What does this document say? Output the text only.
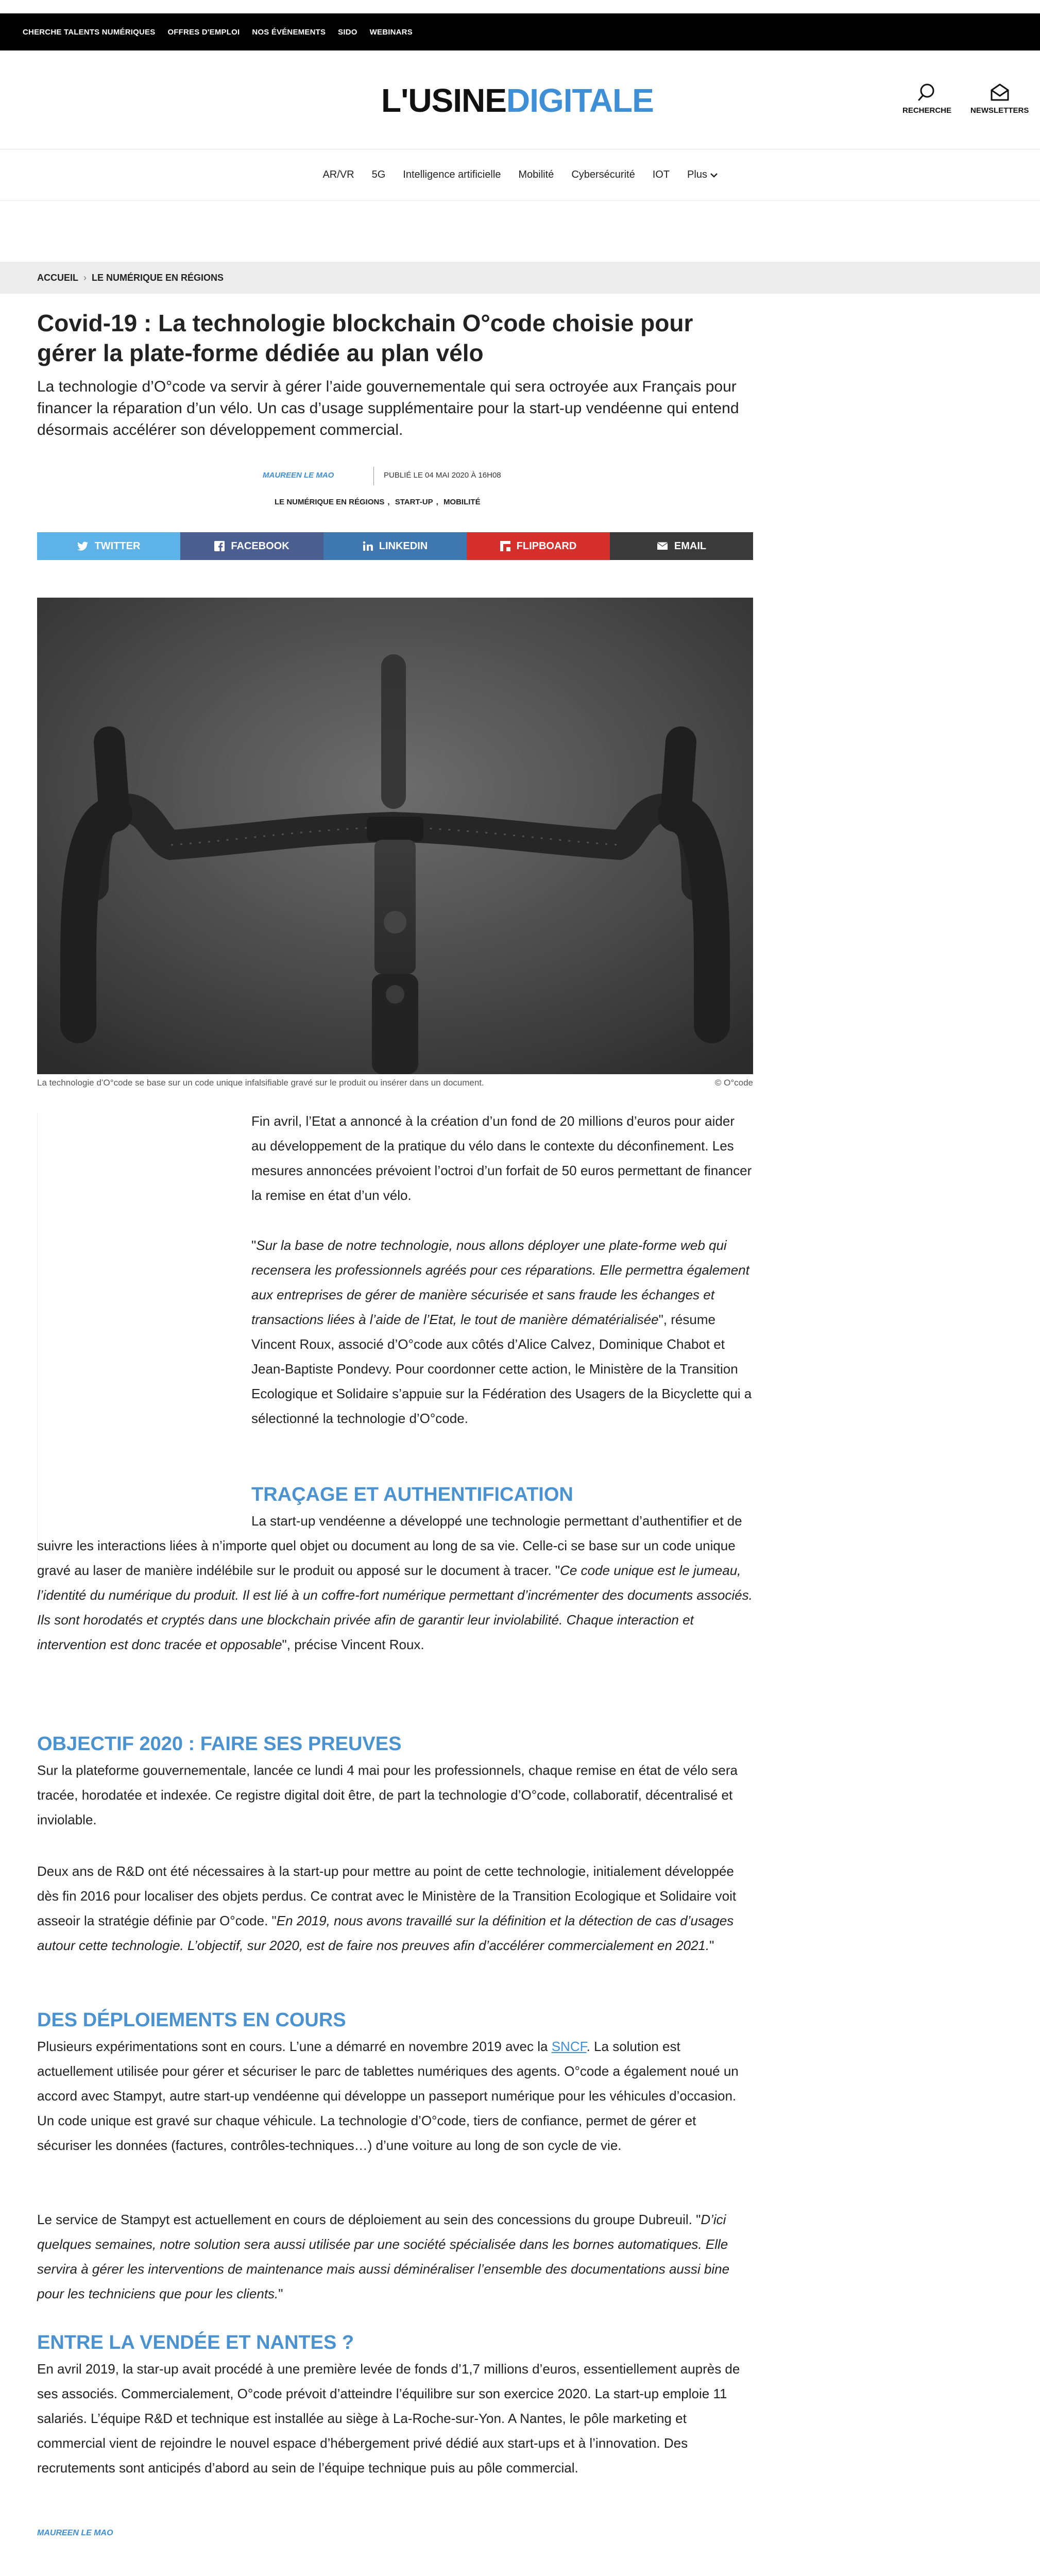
CHERCHE TALENTS NUMÉRIQUES OFFRES D'EMPLOI NOS ÉVÉNEMENTS SIDO WEBINARS
L'USINEDIGITALE	RECHERCHE NEWSLETTERS
AR/VR 5G Intelligence artificielle Mobilité Cybersécurité IOT Plus
ACCUEIL › LE NUMÉRIQUE EN RÉGIONS
Covid-19 : La technologie blockchain O°code choisie pour gérer la plate-forme dédiée au plan vélo

La technologie d’O°code va servir à gérer l’aide gouvernementale qui sera octroyée aux Français pour financer la réparation d’un vélo. Un cas d’usage supplémentaire pour la start-up vendéenne qui entend désormais accélérer son développement commercial.

MAUREEN LE MAO	PUBLIÉ LE 04 MAI 2020 À 16H08
LE NUMÉRIQUE EN RÉGIONS , START-UP , MOBILITÉ
TWITTER	FACEBOOK	LINKEDIN	FLIPBOARD	EMAIL
La technologie d’O°code se base sur un code unique infalsifiable gravé sur le produit ou insérer dans un document.	© O°code

Fin avril, l’Etat a annoncé à la création d’un fond de 20 millions d’euros pour aider au développement de la pratique du vélo dans le contexte du déconfinement. Les mesures annoncées prévoient l’octroi d’un forfait de 50 euros permettant de financer la remise en état d’un vélo.

"Sur la base de notre technologie, nous allons déployer une plate-forme web qui recensera les professionnels agréés pour ces réparations. Elle permettra également aux entreprises de gérer de manière sécurisée et sans fraude les échanges et transactions liées à l’aide de l’Etat, le tout de manière dématérialisée", résume Vincent Roux, associé d’O°code aux côtés d’Alice Calvez, Dominique Chabot et Jean-Baptiste Pondevy. Pour coordonner cette action, le Ministère de la Transition Ecologique et Solidaire s’appuie sur la Fédération des Usagers de la Bicyclette qui a sélectionné la technologie d’O°code.

TRAÇAGE ET AUTHENTIFICATION

La start-up vendéenne a développé une technologie permettant d’authentifier et de suivre les interactions liées à n’importe quel objet ou document au long de sa vie. Celle-ci se base sur un code unique gravé au laser de manière indélébile sur le produit ou apposé sur le document à tracer. "Ce code unique est le jumeau, l’identité du numérique du produit. Il est lié à un coffre-fort numérique permettant d’incrémenter des documents associés. Ils sont horodatés et cryptés dans une blockchain privée afin de garantir leur inviolabilité. Chaque interaction et intervention est donc tracée et opposable", précise Vincent Roux.

OBJECTIF 2020 : FAIRE SES PREUVES

Sur la plateforme gouvernementale, lancée ce lundi 4 mai pour les professionnels, chaque remise en état de vélo sera tracée, horodatée et indexée. Ce registre digital doit être, de part la technologie d’O°code, collaboratif, décentralisé et inviolable.

Deux ans de R&D ont été nécessaires à la start-up pour mettre au point de cette technologie, initialement développée dès fin 2016 pour localiser des objets perdus. Ce contrat avec le Ministère de la Transition Ecologique et Solidaire voit asseoir la stratégie définie par O°code. "En 2019, nous avons travaillé sur la définition et la détection de cas d’usages autour cette technologie. L’objectif, sur 2020, est de faire nos preuves afin d’accélérer commercialement en 2021."

DES DÉPLOIEMENTS EN COURS

Plusieurs expérimentations sont en cours. L’une a démarré en novembre 2019 avec la SNCF. La solution est actuellement utilisée pour gérer et sécuriser le parc de tablettes numériques des agents. O°code a également noué un accord avec Stampyt, autre start-up vendéenne qui développe un passeport numérique pour les véhicules d’occasion. Un code unique est gravé sur chaque véhicule. La technologie d’O°code, tiers de confiance, permet de gérer et sécuriser les données (factures, contrôles-techniques…) d’une voiture au long de son cycle de vie.

Le service de Stampyt est actuellement en cours de déploiement au sein des concessions du groupe Dubreuil. "D’ici quelques semaines, notre solution sera aussi utilisée par une société spécialisée dans les bornes automatiques. Elle servira à gérer les interventions de maintenance mais aussi déminéraliser l’ensemble des documentations aussi bine pour les techniciens que pour les clients."

ENTRE LA VENDÉE ET NANTES ?

En avril 2019, la star-up avait procédé à une première levée de fonds d’1,7 millions d’euros, essentiellement auprès de ses associés. Commercialement, O°code prévoit d’atteindre l’équilibre sur son exercice 2020. La start-up emploie 11 salariés. L’équipe R&D et technique est installée au siège à La-Roche-sur-Yon. A Nantes, le pôle marketing et commercial vient de rejoindre le nouvel espace d’hébergement privé dédié aux start-ups et à l’innovation. Des recrutements sont anticipés d’abord au sein de l’équipe technique puis au pôle commercial.

MAUREEN LE MAO
